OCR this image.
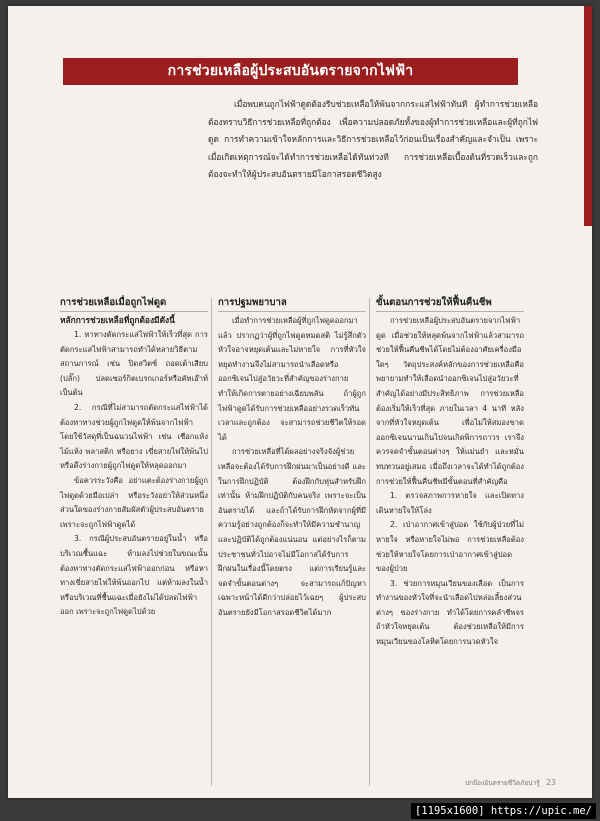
การช่วยเหลือผู้ประสบอันตรายจากไฟฟ้า

เมื่อพบคนถูกไฟฟ้าดูดต้องรีบช่วยเหลือให้พ้นจากกระแสไฟฟ้าทันที ผู้ทำการช่วยเหลือต้องทราบวิธีการช่วยเหลือที่ถูกต้อง เพื่อความปลอดภัยทั้งของผู้ทำการช่วยเหลือและผู้ที่ถูกไฟดูด การทำความเข้าใจหลักการและวิธีการช่วยเหลือไว้ก่อนเป็นเรื่องสำคัญและจำเป็น เพราะเมื่อเกิดเหตุการณ์จะได้ทำการช่วยเหลือได้ทันท่วงที การช่วยเหลือเบื้องต้นที่รวดเร็วและถูกต้องจะทำให้ผู้ประสบอันตรายมีโอกาสรอดชีวิตสูง

การช่วยเหลือเมื่อถูกไฟดูด
หลักการช่วยเหลือที่ถูกต้องมีดังนี้

1. หาทางตัดกระแสไฟฟ้าให้เร็วที่สุด การตัดกระแสไฟฟ้าสามารถทำได้หลายวิธีตามสถานการณ์ เช่น ปิดสวิตช์ ถอดเต้าเสียบ (ปลั๊ก) ปลดเซอร์กิตเบรกเกอร์หรือคัทเอ๊าท์ เป็นต้น

2. กรณีที่ไม่สามารถตัดกระแสไฟฟ้าได้ ต้องหาทางช่วยผู้ถูกไฟดูดให้พ้นจากไฟฟ้า โดยใช้วัสดุที่เป็นฉนวนไฟฟ้า เช่น เชือกแห้ง ไม้แห้ง พลาสติก หรือยาง เขี่ยสายไฟให้พ้นไป หรือดึงร่างกายผู้ถูกไฟดูดให้หลุดออกมา

ข้อควรระวังคือ อย่าแตะต้องร่างกายผู้ถูกไฟดูดด้วยมือเปล่า หรือระวังอย่าให้ส่วนหนึ่งส่วนใดของร่างกายสัมผัสตัวผู้ประสบอันตราย เพราะจะถูกไฟฟ้าดูดได้

3. กรณีผู้ประสบอันตรายอยู่ในน้ำ หรือบริเวณชื้นแฉะ ห้ามลงไปช่วยในขณะนั้น ต้องหาทางตัดกระแสไฟฟ้าออกก่อน หรือหาทางเขี่ยสายไฟให้พ้นออกไป แต่ห้ามลงในน้ำหรือบริเวณที่ชื้นแฉะเมื่อยังไม่ได้ปลดไฟฟ้าออก เพราะจะถูกไฟดูดไปด้วย

การปฐมพยาบาล

เมื่อทำการช่วยเหลือผู้ที่ถูกไฟดูดออกมาแล้ว ปรากฏว่าผู้ที่ถูกไฟดูดหมดสติ ไม่รู้สึกตัว หัวใจอาจหยุดเต้นและไม่หายใจ การที่หัวใจหยุดทำงานจึงไม่สามารถนำเลือดหรือออกซิเจนไปสู่อวัยวะที่สำคัญของร่างกาย ทำให้เกิดการตายอย่างเฉียบพลัน ถ้าผู้ถูกไฟฟ้าดูดได้รับการช่วยเหลืออย่างรวดเร็วทันเวลาและถูกต้อง จะสามารถช่วยชีวิตให้รอดได้

การช่วยเหลือที่ได้ผลอย่างจริงจังผู้ช่วยเหลือจะต้องได้รับการฝึกฝนมาเป็นอย่างดี และในการฝึกปฏิบัติ ต้องฝึกกับหุ่นสำหรับฝึกเท่านั้น ห้ามฝึกปฏิบัติกับคนจริง เพราะจะเป็นอันตรายได้ และถ้าได้รับการฝึกหัดจากผู้ที่มีความรู้อย่างถูกต้องก็จะทำให้มีความชำนาญและปฏิบัติได้ถูกต้องแน่นอน แต่อย่างไรก็ตาม ประชาชนทั่วไปอาจไม่มีโอกาสได้รับการฝึกฝนในเรื่องนี้โดยตรง แต่การเรียนรู้และจดจำขั้นตอนต่างๆ จะสามารถแก้ปัญหาเฉพาะหน้าได้ดีกว่าปล่อยไว้เฉยๆ ผู้ประสบอันตรายยังมีโอกาสรอดชีวิตได้มาก

ขั้นตอนการช่วยให้ฟื้นคืนชีพ

การช่วยเหลือผู้ประสบอันตรายจากไฟฟ้าดูด เมื่อช่วยให้หลุดพ้นจากไฟฟ้าแล้วสามารถช่วยให้ฟื้นคืนชีพได้โดยไม่ต้องอาศัยเครื่องมือใดๆ วัตถุประสงค์หลักของการช่วยเหลือคือ พยายามทำให้เลือดนำออกซิเจนไปสู่อวัยวะที่สำคัญได้อย่างมีประสิทธิภาพ การช่วยเหลือต้องเริ่มให้เร็วที่สุด ภายในเวลา 4 นาที หลังจากที่หัวใจหยุดเต้น เพื่อไม่ให้สมองขาดออกซิเจนนานเกินไปจนเกิดพิการถาวร เราจึงควรจดจำขั้นตอนต่างๆ ให้แม่นยำ และหมั่นทบทวนอยู่เสมอ เมื่อถึงเวลาจะได้ทำได้ถูกต้อง การช่วยให้ฟื้นคืนชีพมีขั้นตอนที่สำคัญคือ

1. ตรวจสภาพการหายใจ และเปิดทางเดินหายใจให้โล่ง

2. เป่าอากาศเข้าสู่ปอด ใช้กับผู้ป่วยที่ไม่หายใจ หรือหายใจไม่พอ การช่วยเหลือต้องช่วยให้หายใจโดยการเป่าอากาศเข้าสู่ปอดของผู้ป่วย

3. ช่วยการหมุนเวียนของเลือด เป็นการทำงานของหัวใจที่จะนำเลือดไปหล่อเลี้ยงส่วนต่างๆ ของร่างกาย ทำได้โดยการคลำชีพจร ถ้าหัวใจหยุดเต้น ต้องช่วยเหลือให้มีการหมุนเวียนของโลหิตโดยการนวดหัวใจ

ปกป้องอันตรายชีวิตภัยน่ารู้ 23
[1195x1600] https://upic.me/
